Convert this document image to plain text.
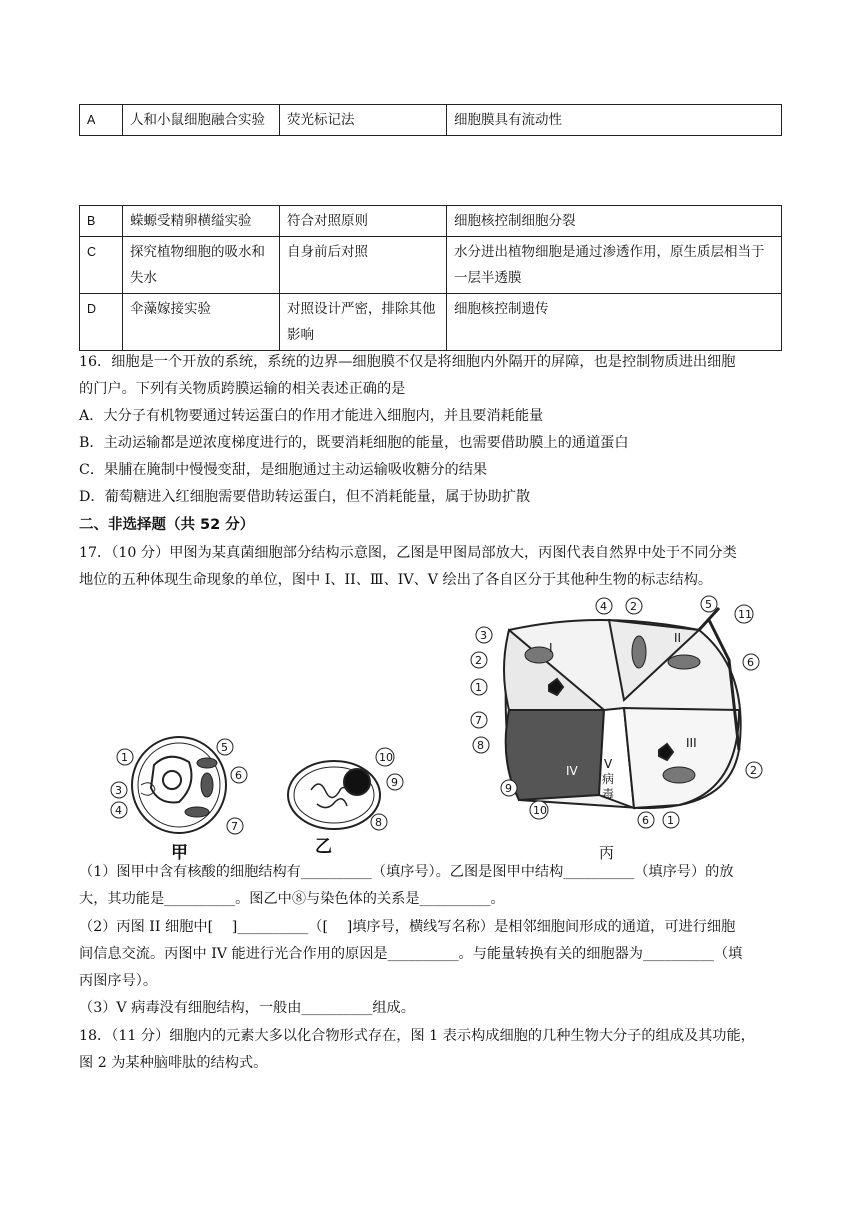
A	人和小鼠细胞融合实验	荧光标记法	细胞膜具有流动性
B	蝾螈受精卵横缢实验	符合对照原则	细胞核控制细胞分裂
C	探究植物细胞的吸水和失水	自身前后对照	水分进出植物细胞是通过渗透作用，原生质层相当于一层半透膜
D	伞藻嫁接实验	对照设计严密，排除其他影响	细胞核控制遗传
16．细胞是一个开放的系统，系统的边界—细胞膜不仅是将细胞内外隔开的屏障，也是控制物质进出细胞
的门户。下列有关物质跨膜运输的相关表述正确的是
A．大分子有机物要通过转运蛋白的作用才能进入细胞内，并且要消耗能量
B．主动运输都是逆浓度梯度进行的，既要消耗细胞的能量，也需要借助膜上的通道蛋白
C．果脯在腌制中慢慢变甜，是细胞通过主动运输吸收糖分的结果
D．葡萄糖进入红细胞需要借助转运蛋白，但不消耗能量，属于协助扩散
二、非选择题（共 52 分）
17．（10 分）甲图为某真菌细胞部分结构示意图，乙图是甲图局部放大，丙图代表自然界中处于不同分类
地位的五种体现生命现象的单位，图中 I、II、Ⅲ、IV、V 绘出了各自区分于其他种生物的标志结构。
1
3
4
5
6
7
甲
10
9
8
乙
3
2
1
7
8
9
10
4 2	5
11
6
2
6 1
I
II
III
IV V 病毒
丙
（1）图甲中含有核酸的细胞结构有__________（填序号）。乙图是图甲中结构__________（填序号）的放
大，其功能是__________。图乙中⑧与染色体的关系是__________。
（2）丙图 II 细胞中[　 ]__________（[　 ]填序号，横线写名称）是相邻细胞间形成的通道，可进行细胞
间信息交流。丙图中 IV 能进行光合作用的原因是__________。与能量转换有关的细胞器为__________（填
丙图序号）。
（3）V 病毒没有细胞结构，一般由__________组成。
18．（11 分）细胞内的元素大多以化合物形式存在，图 1 表示构成细胞的几种生物大分子的组成及其功能，
图 2 为某种脑啡肽的结构式。
